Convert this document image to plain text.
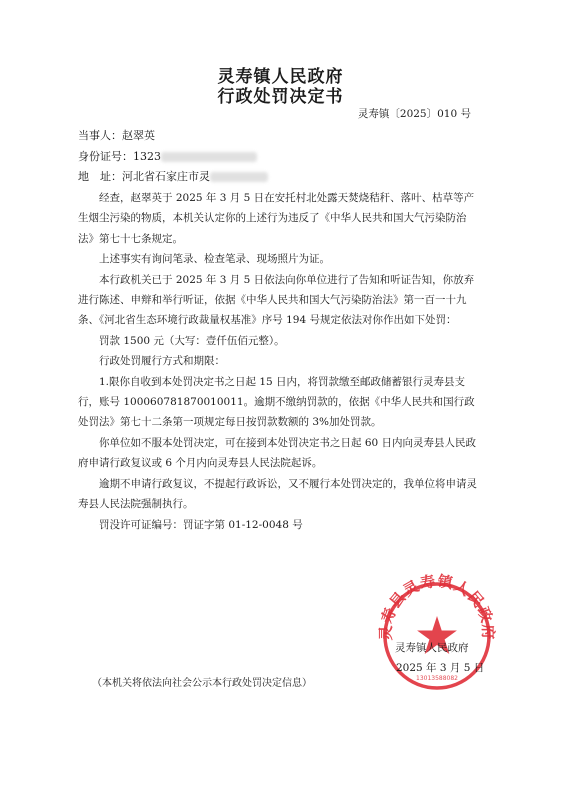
灵寿镇人民政府
行政处罚决定书
灵寿镇〔2025〕010 号
当事人：赵翠英
身份证号：1323
地　址：河北省石家庄市灵

经查，赵翠英于 2025 年 3 月 5 日在安托村北处露天焚烧秸秆、落叶、枯草等产生烟尘污染的物质，本机关认定你的上述行为违反了《中华人民共和国大气污染防治法》第七十七条规定。

上述事实有询问笔录、检查笔录、现场照片为证。

本行政机关已于 2025 年 3 月 5 日依法向你单位进行了告知和听证告知，你放弃进行陈述、申辩和举行听证，依据《中华人民共和国大气污染防治法》第一百一十九条、《河北省生态环境行政裁量权基准》序号 194 号规定依法对你作出如下处罚：

罚款 1500 元（大写：壹仟伍佰元整）。

行政处罚履行方式和期限：

1.限你自收到本处罚决定书之日起 15 日内，将罚款缴至邮政储蓄银行灵寿县支行，账号 100060781870010011。逾期不缴纳罚款的，依据《中华人民共和国行政处罚法》第七十二条第一项规定每日按罚款数额的 3%加处罚款。

你单位如不服本处罚决定，可在接到本处罚决定书之日起 60 日内向灵寿县人民政府申请行政复议或 6 个月内向灵寿县人民法院起诉。

逾期不申请行政复议，不提起行政诉讼，又不履行本处罚决定的，我单位将申请灵寿县人民法院强制执行。

罚没许可证编号：罚证字第 01-12-0048 号

灵寿县灵寿镇人民政府
13013588082
灵寿镇人民政府
2025 年 3 月 5 日
（本机关将依法向社会公示本行政处罚决定信息）
